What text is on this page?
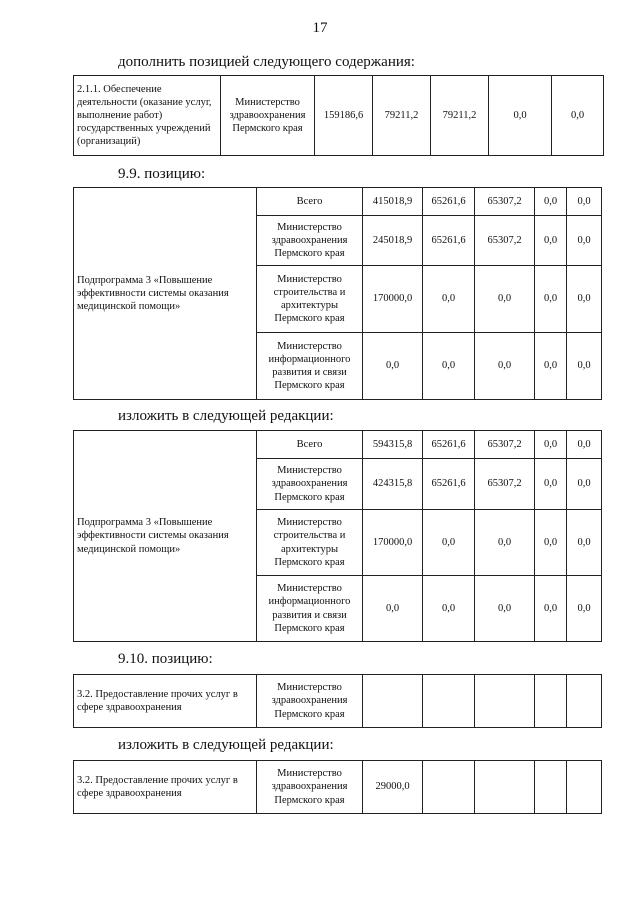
17
дополнить позицией следующего содержания:
2.1.1. Обеспечение деятельности (оказание услуг, выполнение работ) государственных учреждений (организаций)	Министерство здравоохранения Пермского края	159186,6	79211,2	79211,2	0,0	0,0
9.9. позицию:
Подпрограмма 3 «Повышение эффективности системы оказания медицинской помощи»	Всего	415018,9	65261,6	65307,2	0,0	0,0
	Министерство здравоохранения Пермского края	245018,9	65261,6	65307,2	0,0	0,0
	Министерство строительства и архитектуры Пермского края	170000,0	0,0	0,0	0,0	0,0
	Министерство информационного развития и связи Пермского края	0,0	0,0	0,0	0,0	0,0
изложить в следующей редакции:
Подпрограмма 3 «Повышение эффективности системы оказания медицинской помощи»	Всего	594315,8	65261,6	65307,2	0,0	0,0
	Министерство здравоохранения Пермского края	424315,8	65261,6	65307,2	0,0	0,0
	Министерство строительства и архитектуры Пермского края	170000,0	0,0	0,0	0,0	0,0
	Министерство информационного развития и связи Пермского края	0,0	0,0	0,0	0,0	0,0
9.10. позицию:
3.2. Предоставление прочих услуг в сфере здравоохранения	Министерство здравоохранения Пермского края					
изложить в следующей редакции:
3.2. Предоставление прочих услуг в сфере здравоохранения	Министерство здравоохранения Пермского края	29000,0				
